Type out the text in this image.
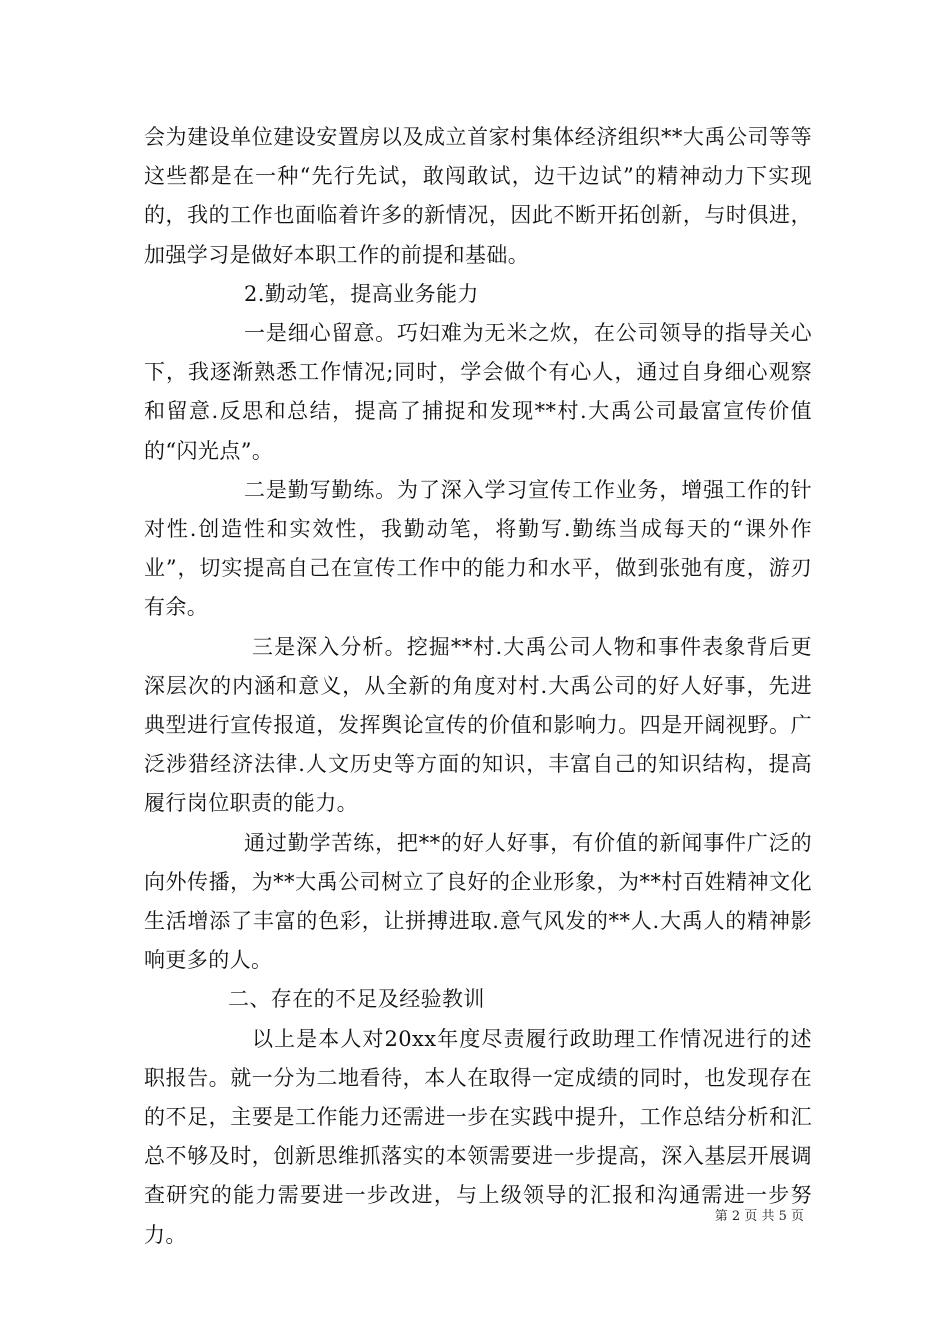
会为建设单位建设安置房以及成立首家村集体经济组织**大禹公司等等这些都是在一种“先行先试，敢闯敢试，边干边试”的精神动力下实现的，我的工作也面临着许多的新情况，因此不断开拓创新，与时俱进，加强学习是做好本职工作的前提和基础。

2.勤动笔，提高业务能力

一是细心留意。巧妇难为无米之炊，在公司领导的指导关心下，我逐渐熟悉工作情况;同时，学会做个有心人，通过自身细心观察和留意.反思和总结，提高了捕捉和发现**村.大禹公司最富宣传价值的“闪光点”。

二是勤写勤练。为了深入学习宣传工作业务，增强工作的针对性.创造性和实效性，我勤动笔，将勤写.勤练当成每天的“课外作业”，切实提高自己在宣传工作中的能力和水平，做到张弛有度，游刃有余。

三是深入分析。挖掘**村.大禹公司人物和事件表象背后更深层次的内涵和意义，从全新的角度对村.大禹公司的好人好事，先进典型进行宣传报道，发挥舆论宣传的价值和影响力。四是开阔视野。广泛涉猎经济法律.人文历史等方面的知识，丰富自己的知识结构，提高履行岗位职责的能力。

通过勤学苦练，把**的好人好事，有价值的新闻事件广泛的向外传播，为**大禹公司树立了良好的企业形象，为**村百姓精神文化生活增添了丰富的色彩，让拼搏进取.意气风发的**人.大禹人的精神影响更多的人。

二、存在的不足及经验教训

以上是本人对20xx年度尽责履行政助理工作情况进行的述职报告。就一分为二地看待，本人在取得一定成绩的同时，也发现存在的不足，主要是工作能力还需进一步在实践中提升，工作总结分析和汇总不够及时，创新思维抓落实的本领需要进一步提高，深入基层开展调查研究的能力需要进一步改进，与上级领导的汇报和沟通需进一步努力。

第 2 页 共 5 页
